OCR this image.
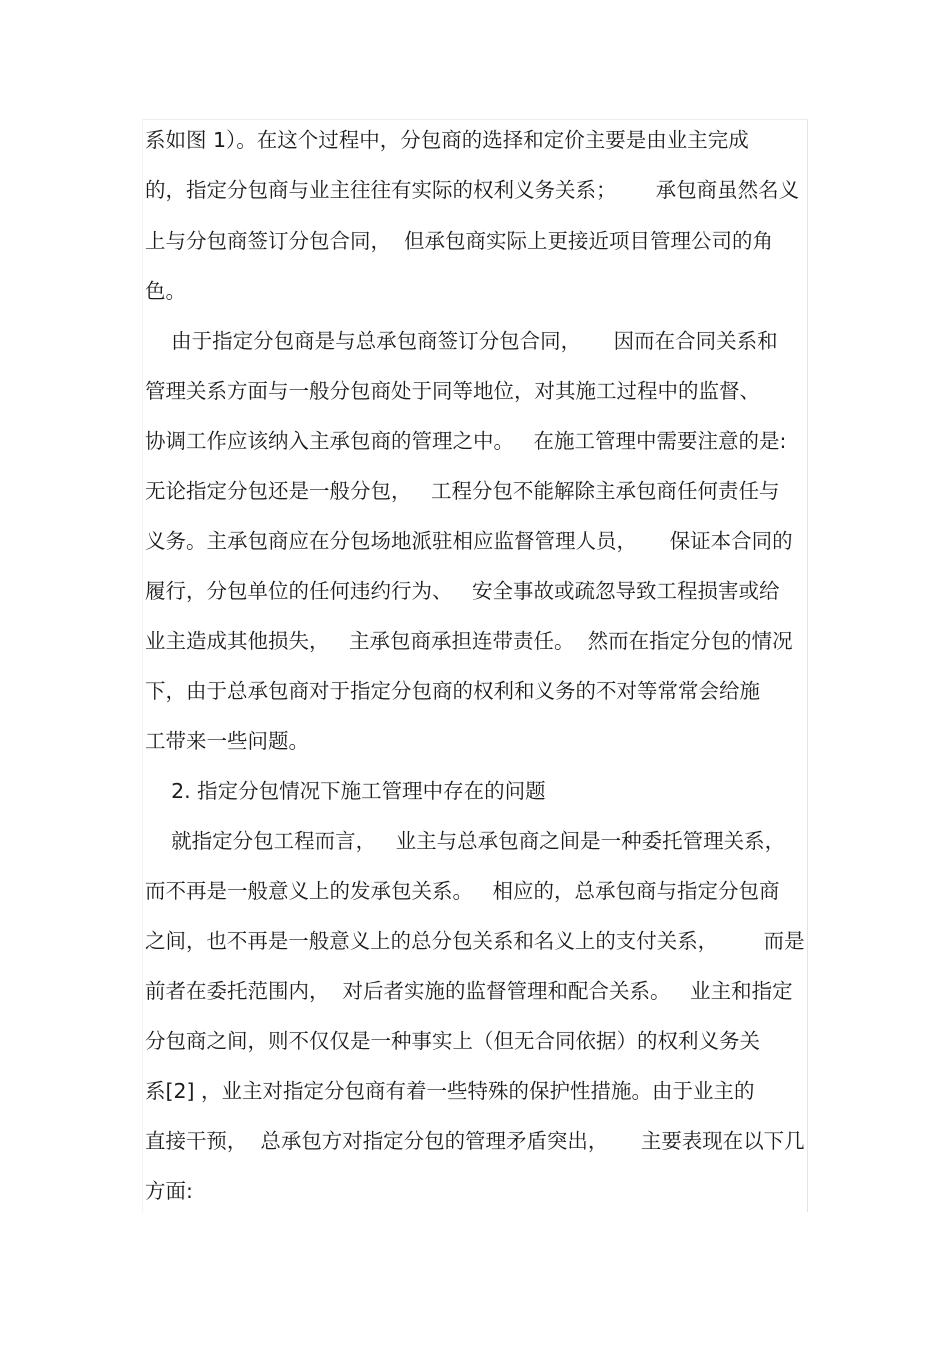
系如图 1）。在这个过程中，分包商的选择和定价主要是由业主完成
的，指定分包商与业主往往有实际的权利义务关系；      承包商虽然名义
上与分包商签订分包合同，  但承包商实际上更接近项目管理公司的角
色。
由于指定分包商是与总承包商签订分包合同，     因而在合同关系和
管理关系方面与一般分包商处于同等地位，对其施工过程中的监督、
协调工作应该纳入主承包商的管理之中。   在施工管理中需要注意的是:
无论指定分包还是一般分包，   工程分包不能解除主承包商任何责任与
义务。主承包商应在分包场地派驻相应监督管理人员，     保证本合同的
履行，分包单位的任何违约行为、   安全事故或疏忽导致工程损害或给
业主造成其他损失，   主承包商承担连带责任。  然而在指定分包的情况
下，由于总承包商对于指定分包商的权利和义务的不对等常常会给施
工带来一些问题。
2. 指定分包情况下施工管理中存在的问题
就指定分包工程而言，   业主与总承包商之间是一种委托管理关系，
而不再是一般意义上的发承包关系。   相应的，总承包商与指定分包商
之间，也不再是一般意义上的总分包关系和名义上的支付关系，       而是
前者在委托范围内，  对后者实施的监督管理和配合关系。   业主和指定
分包商之间，则不仅仅是一种事实上（但无合同依据）的权利义务关
系[2] ，业主对指定分包商有着一些特殊的保护性措施。由于业主的
直接干预，  总承包方对指定分包的管理矛盾突出，     主要表现在以下几
方面:
